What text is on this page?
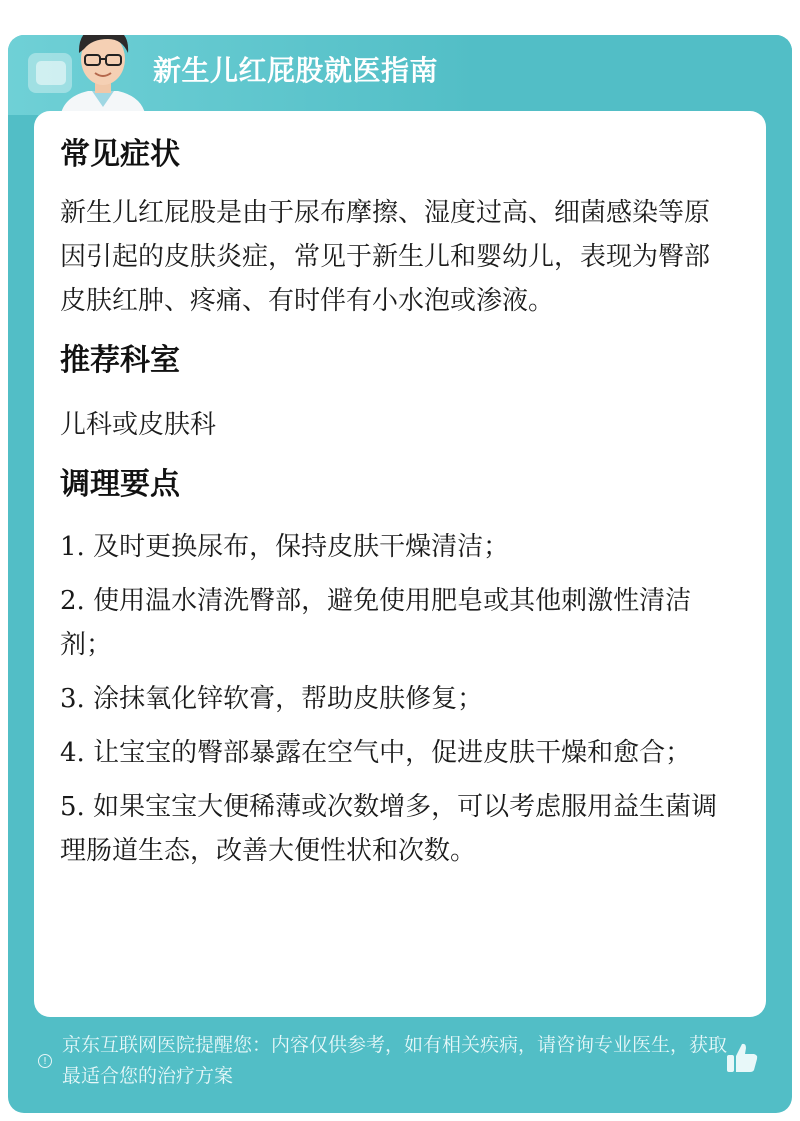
新生儿红屁股就医指南
常见症状

新生儿红屁股是由于尿布摩擦、湿度过高、细菌感染等原因引起的皮肤炎症，常见于新生儿和婴幼儿，表现为臀部皮肤红肿、疼痛、有时伴有小水泡或渗液。

推荐科室

儿科或皮肤科

调理要点

1. 及时更换尿布，保持皮肤干燥清洁；

2. 使用温水清洗臀部，避免使用肥皂或其他刺激性清洁剂；

3. 涂抹氧化锌软膏，帮助皮肤修复；

4. 让宝宝的臀部暴露在空气中，促进皮肤干燥和愈合；

5. 如果宝宝大便稀薄或次数增多，可以考虑服用益生菌调理肠道生态，改善大便性状和次数。

!
京东互联网医院提醒您：内容仅供参考，如有相关疾病，请咨询专业医生，获取最适合您的治疗方案
